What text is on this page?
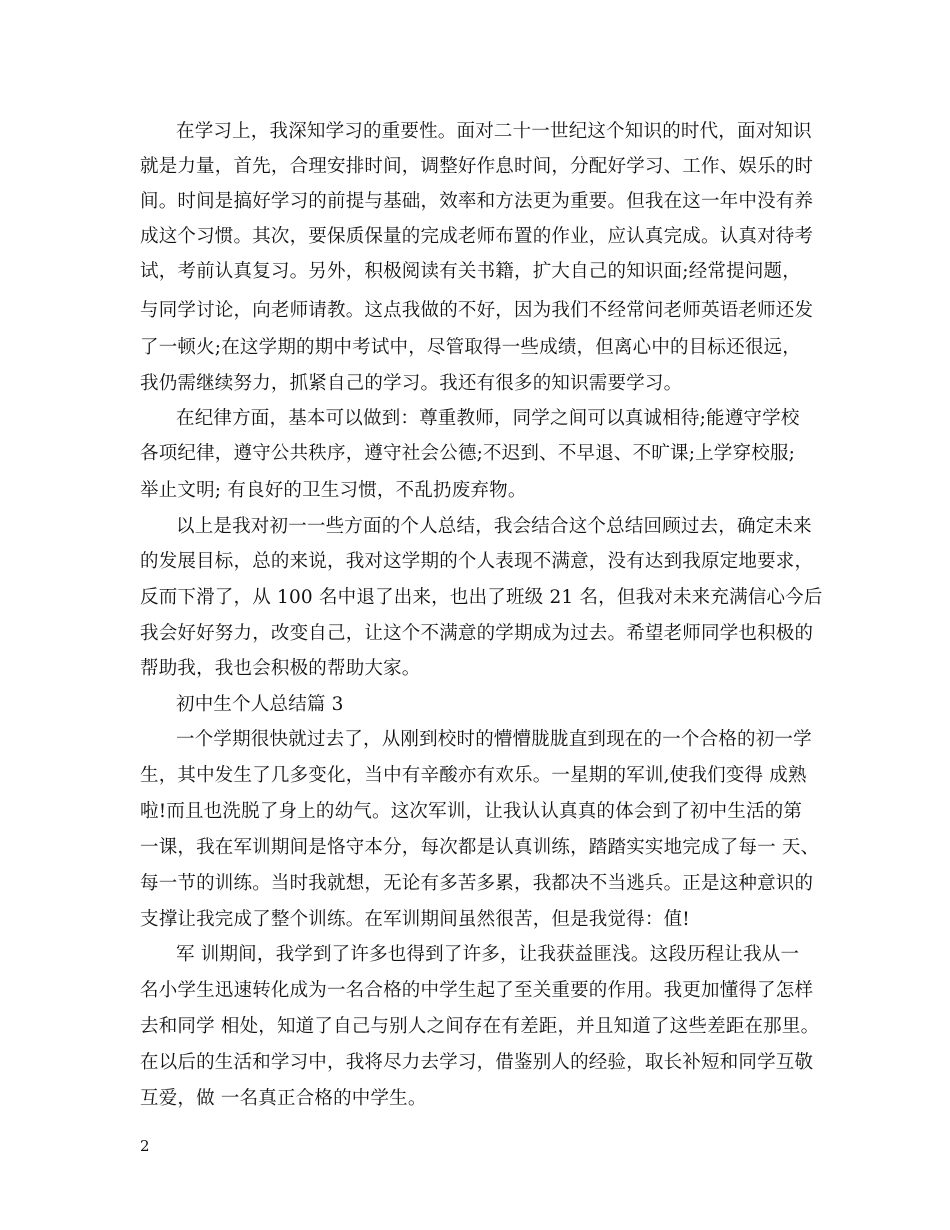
在学习上，我深知学习的重要性。面对二十一世纪这个知识的时代，面对知识
就是力量，首先，合理安排时间，调整好作息时间，分配好学习、工作、娱乐的时
间。时间是搞好学习的前提与基础，效率和方法更为重要。但我在这一年中没有养
成这个习惯。其次，要保质保量的完成老师布置的作业，应认真完成。认真对待考
试，考前认真复习。另外，积极阅读有关书籍，扩大自己的知识面;经常提问题，
与同学讨论，向老师请教。这点我做的不好，因为我们不经常问老师英语老师还发
了一顿火;在这学期的期中考试中，尽管取得一些成绩，但离心中的目标还很远，
我仍需继续努力，抓紧自己的学习。我还有很多的知识需要学习。
在纪律方面，基本可以做到：尊重教师，同学之间可以真诚相待;能遵守学校
各项纪律，遵守公共秩序，遵守社会公德;不迟到、不早退、不旷课;上学穿校服;
举止文明; 有良好的卫生习惯，不乱扔废弃物。
以上是我对初一一些方面的个人总结，我会结合这个总结回顾过去，确定未来
的发展目标，总的来说，我对这学期的个人表现不满意，没有达到我原定地要求，
反而下滑了，从 100 名中退了出来，也出了班级 21 名，但我对未来充满信心今后
我会好好努力，改变自己，让这个不满意的学期成为过去。希望老师同学也积极的
帮助我，我也会积极的帮助大家。
初中生个人总结篇 3
一个学期很快就过去了，从刚到校时的懵懵胧胧直到现在的一个合格的初一学
生，其中发生了几多变化，当中有辛酸亦有欢乐。一星期的军训,使我们变得 成熟
啦!而且也洗脱了身上的幼气。这次军训，让我认认真真的体会到了初中生活的第
一课，我在军训期间是恪守本分，每次都是认真训练，踏踏实实地完成了每一 天、
每一节的训练。当时我就想，无论有多苦多累，我都决不当逃兵。正是这种意识的
支撑让我完成了整个训练。在军训期间虽然很苦，但是我觉得：值!
军 训期间，我学到了许多也得到了许多，让我获益匪浅。这段历程让我从一
名小学生迅速转化成为一名合格的中学生起了至关重要的作用。我更加懂得了怎样
去和同学 相处，知道了自己与别人之间存在有差距，并且知道了这些差距在那里。
在以后的生活和学习中，我将尽力去学习，借鉴别人的经验，取长补短和同学互敬
互爱，做 一名真正合格的中学生。
2
